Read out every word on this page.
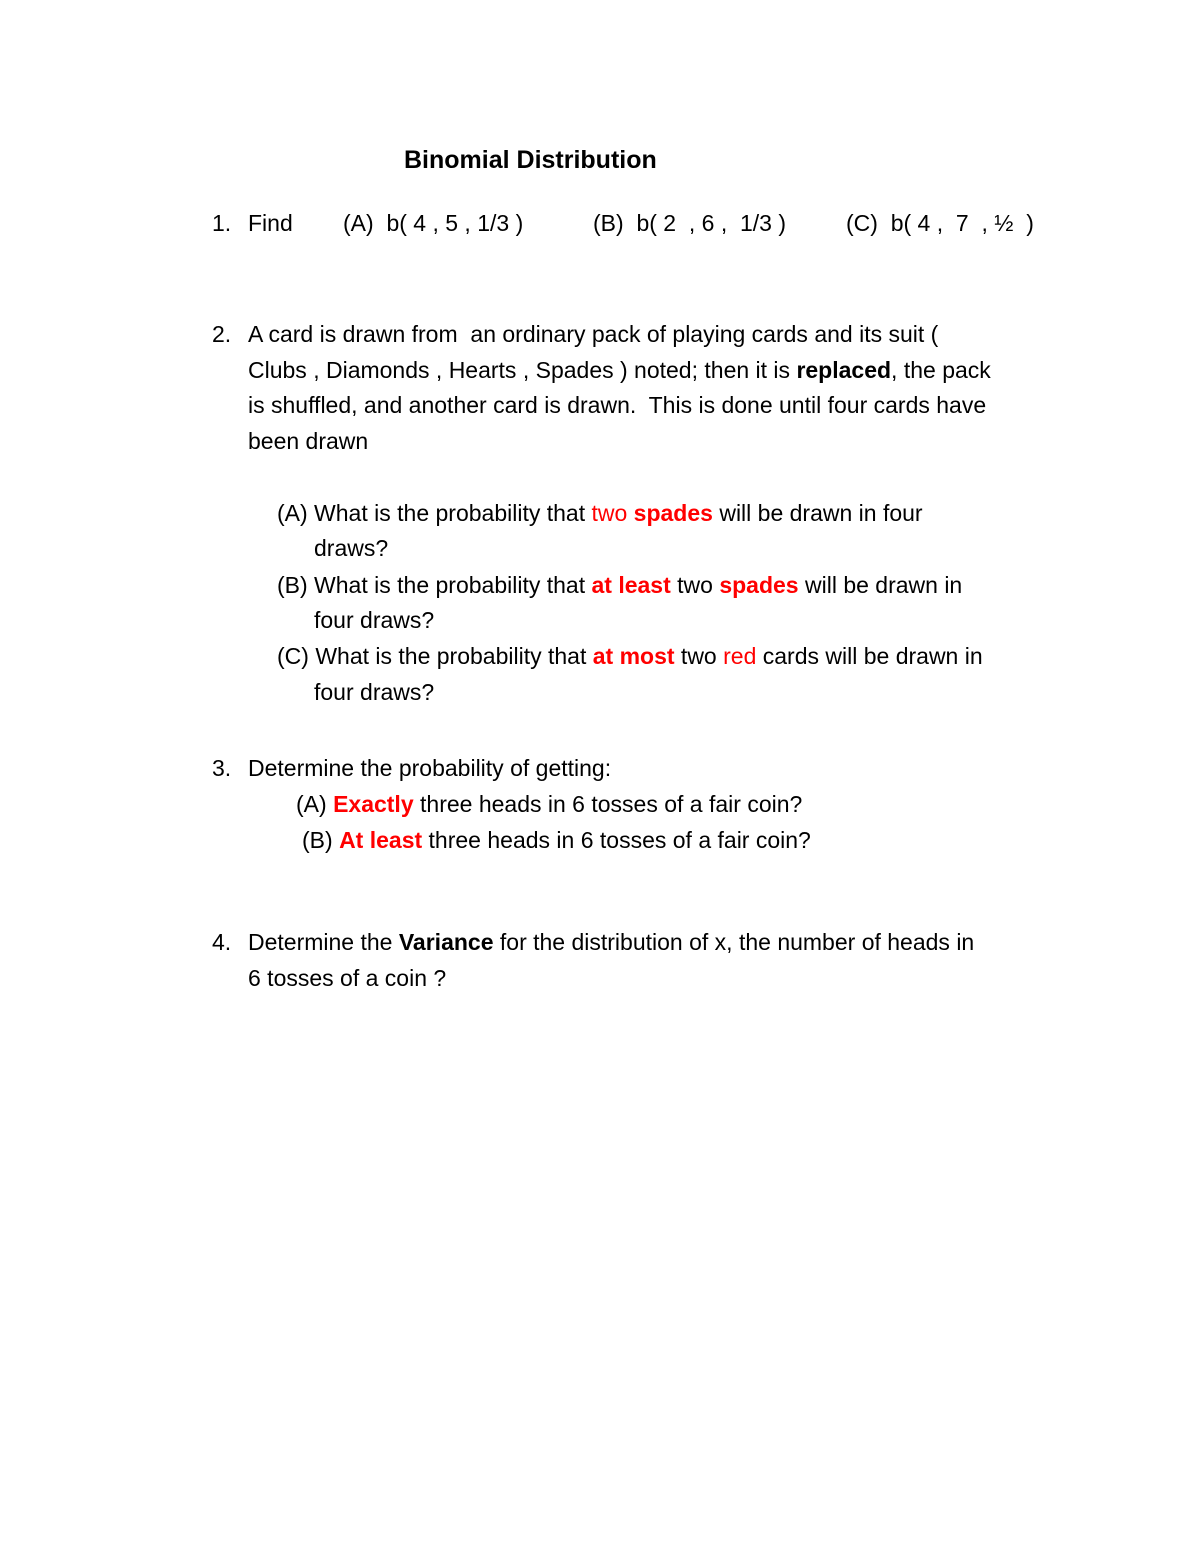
Binomial Distribution
1. Find (A)  b( 4 , 5 , 1/3 )	(B)  b( 2  , 6 ,  1/3 )	(C)  b( 4 ,  7  , ½  )
2. A card is drawn from  an ordinary pack of playing cards and its suit (
Clubs , Diamonds , Hearts , Spades ) noted; then it is replaced, the pack
is shuffled, and another card is drawn.  This is done until four cards have
been drawn
(A) What is the probability that two spades will be drawn in four
draws?
(B) What is the probability that at least two spades will be drawn in
four draws?
(C) What is the probability that at most two red cards will be drawn in
four draws?
3. Determine the probability of getting:
(A) Exactly three heads in 6 tosses of a fair coin?
(B) At least three heads in 6 tosses of a fair coin?
4. Determine the Variance for the distribution of x, the number of heads in
6 tosses of a coin ?
